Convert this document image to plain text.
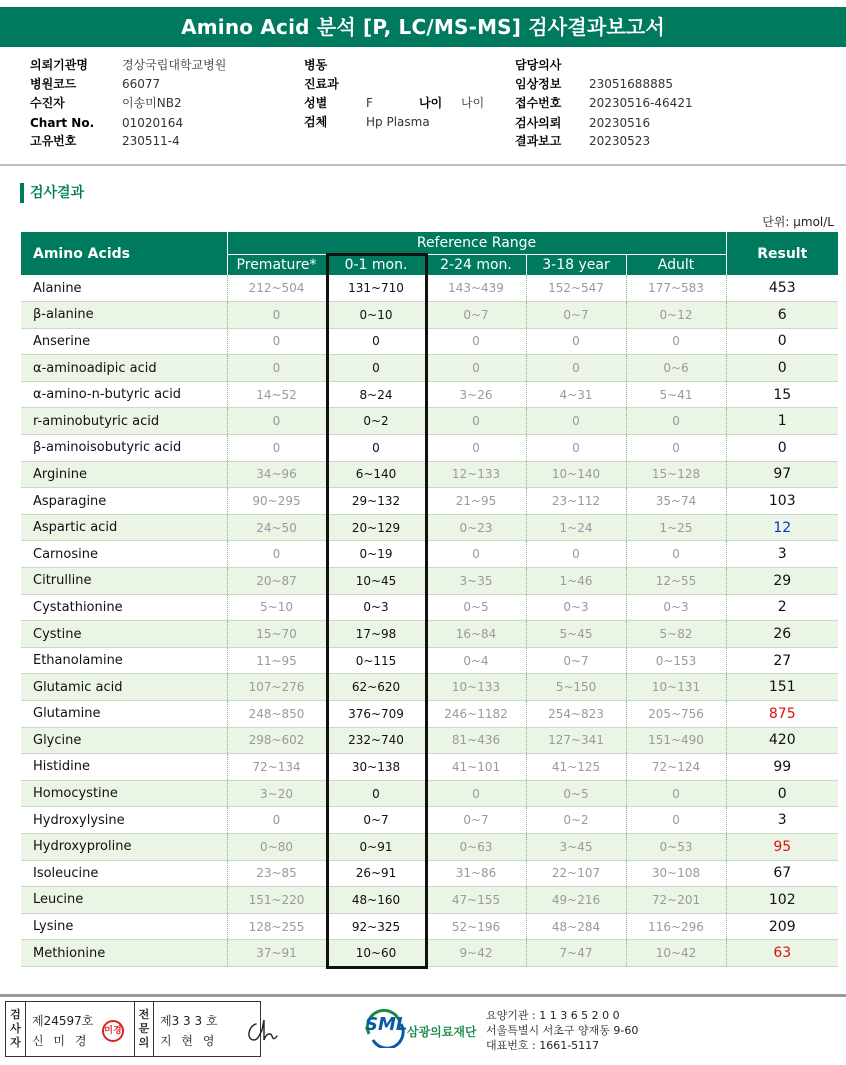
Amino Acid 분석 [P, LC/MS-MS] 검사결과보고서
의뢰기관명	경상국립대학교병원
병원코드	66077
수진자	이송미NB2
Chart No. 01020164
고유번호	230511-4
병동
진료과
성별	F	나이 나이
검체	Hp Plasma
담당의사
임상정보 23051688885
접수번호 20230516-46421
검사의뢰 20230516
결과보고 20230523
검사결과
단위: μmol/L
Amino Acids	Reference Range					Result
	Premature*	0-1 mon.	2-24 mon.	3-18 year	Adult	
Alanine	212~504	131~710	143~439	152~547	177~583	453
β-alanine	0	0~10	0~7	0~7	0~12	6
Anserine	0	0	0	0	0	0
α-aminoadipic acid	0	0	0	0	0~6	0
α-amino-n-butyric acid	14~52	8~24	3~26	4~31	5~41	15
r-aminobutyric acid	0	0~2	0	0	0	1
β-aminoisobutyric acid	0	0	0	0	0	0
Arginine	34~96	6~140	12~133	10~140	15~128	97
Asparagine	90~295	29~132	21~95	23~112	35~74	103
Aspartic acid	24~50	20~129	0~23	1~24	1~25	12
Carnosine	0	0~19	0	0	0	3
Citrulline	20~87	10~45	3~35	1~46	12~55	29
Cystathionine	5~10	0~3	0~5	0~3	0~3	2
Cystine	15~70	17~98	16~84	5~45	5~82	26
Ethanolamine	11~95	0~115	0~4	0~7	0~153	27
Glutamic acid	107~276	62~620	10~133	5~150	10~131	151
Glutamine	248~850	376~709	246~1182	254~823	205~756	875
Glycine	298~602	232~740	81~436	127~341	151~490	420
Histidine	72~134	30~138	41~101	41~125	72~124	99
Homocystine	3~20	0	0	0~5	0	0
Hydroxylysine	0	0~7	0~7	0~2	0	3
Hydroxyproline	0~80	0~91	0~63	3~45	0~53	95
Isoleucine	23~85	26~91	31~86	22~107	30~108	67
Leucine	151~220	48~160	47~155	49~216	72~201	102
Lysine	128~255	92~325	52~196	48~284	116~296	209
Methionine	37~91	10~60	9~42	7~47	10~42	63
검사자
제24597호
신 미 경
미경
전문의
제3 3 3 호
지 현 영
SML 삼광의료재단
요양기관 : 1 1 3 6 5 2 0 0
서울특별시 서초구 양재동 9-60
대표번호 : 1661-5117
